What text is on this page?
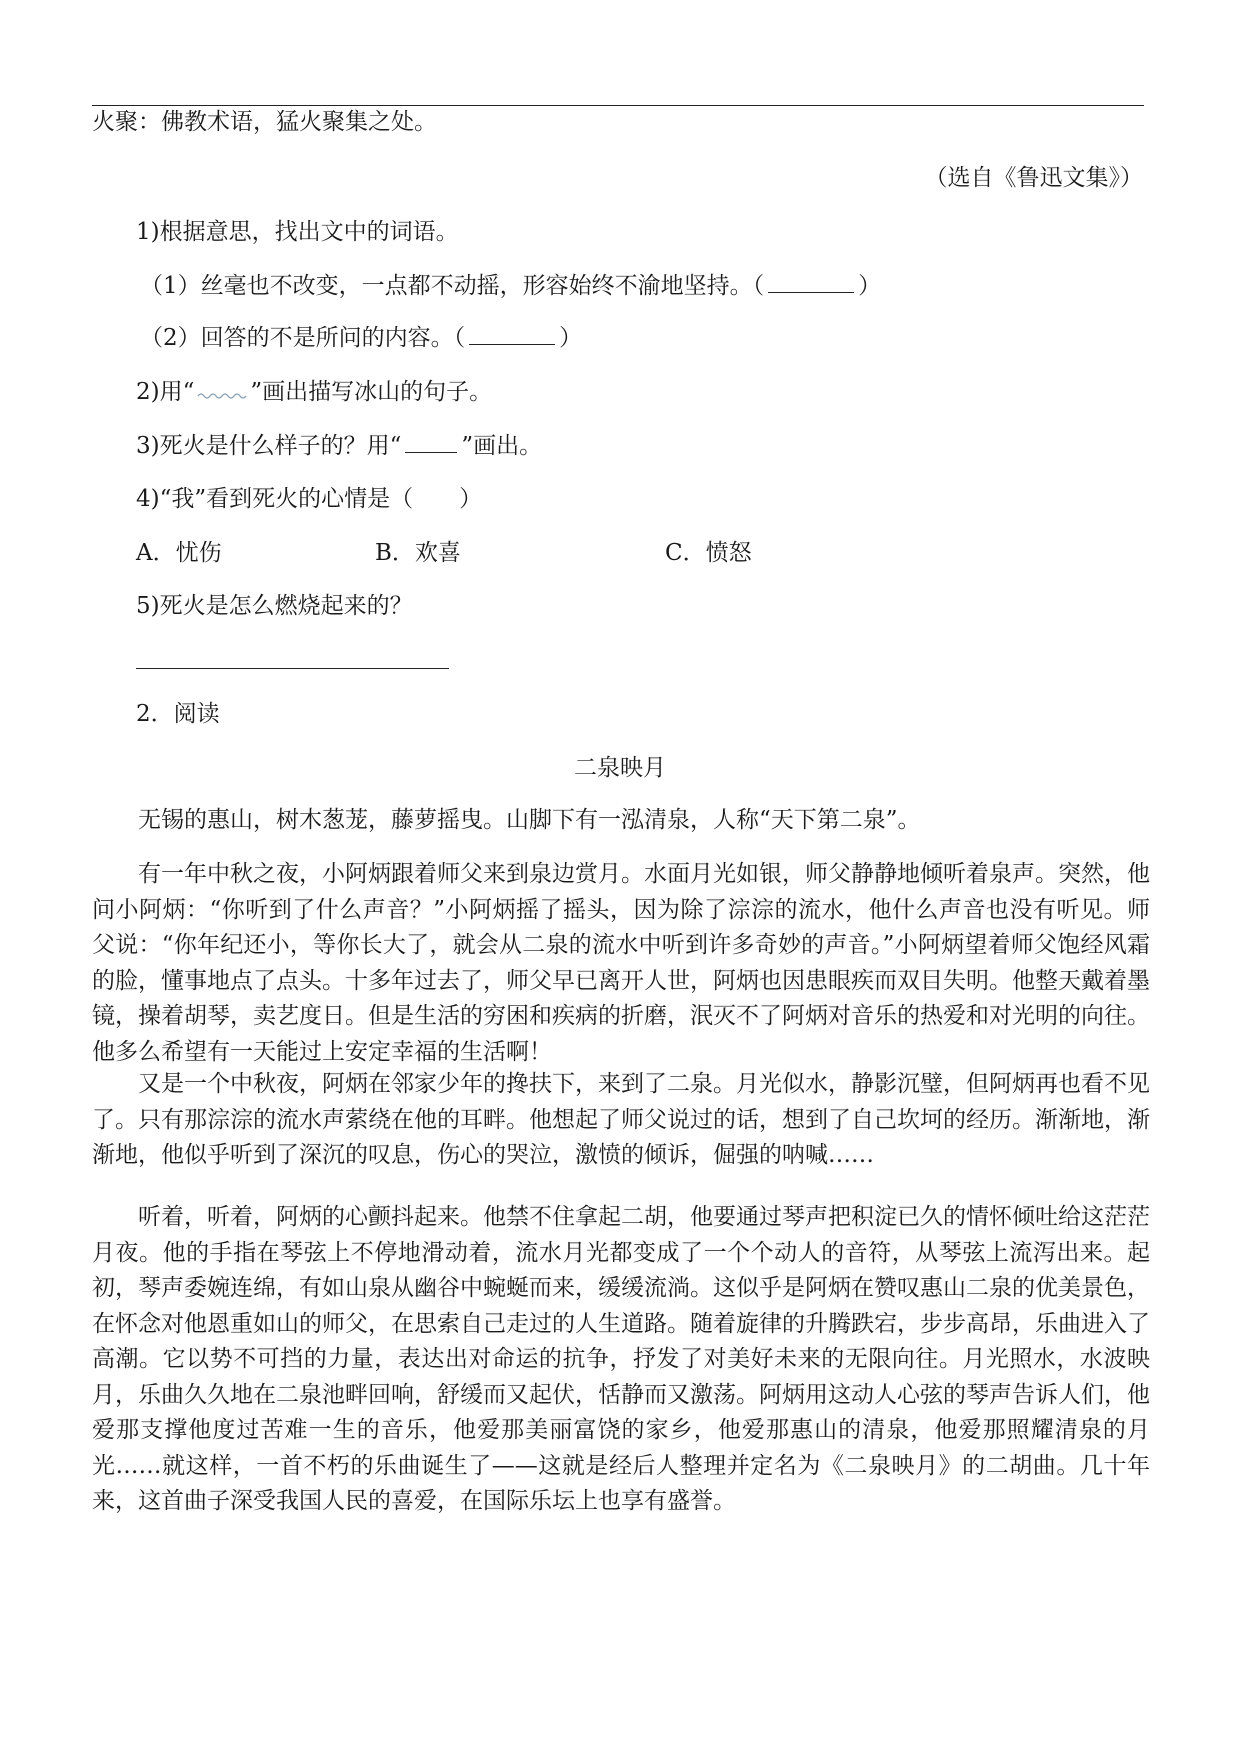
火聚：佛教术语，猛火聚集之处。
（选自《鲁迅文集》）
1)根据意思，找出文中的词语。
（1）丝毫也不改变，一点都不动摇，形容始终不渝地坚持。（	）
（2）回答的不是所问的内容。（	）
2)用“ ”画出描写冰山的句子。
3)死火是什么样子的？用“	”画出。
4)“我”看到死火的心情是（　　）
A．忧伤	B．欢喜	C．愤怒
5)死火是怎么燃烧起来的？
2．阅读
二泉映月

无锡的惠山，树木葱茏，藤萝摇曳。山脚下有一泓清泉，人称“天下第二泉”。

有一年中秋之夜，小阿炳跟着师父来到泉边赏月。水面月光如银，师父静静地倾听着泉声。突然，他问小阿炳：“你听到了什么声音？”小阿炳摇了摇头，因为除了淙淙的流水，他什么声音也没有听见。师父说：“你年纪还小，等你长大了，就会从二泉的流水中听到许多奇妙的声音。”小阿炳望着师父饱经风霜的脸，懂事地点了点头。十多年过去了，师父早已离开人世，阿炳也因患眼疾而双目失明。他整天戴着墨镜，操着胡琴，卖艺度日。但是生活的穷困和疾病的折磨，泯灭不了阿炳对音乐的热爱和对光明的向往。他多么希望有一天能过上安定幸福的生活啊！

又是一个中秋夜，阿炳在邻家少年的搀扶下，来到了二泉。月光似水，静影沉璧，但阿炳再也看不见了。只有那淙淙的流水声萦绕在他的耳畔。他想起了师父说过的话，想到了自己坎坷的经历。渐渐地，渐渐地，他似乎听到了深沉的叹息，伤心的哭泣，激愤的倾诉，倔强的呐喊……

听着，听着，阿炳的心颤抖起来。他禁不住拿起二胡，他要通过琴声把积淀已久的情怀倾吐给这茫茫月夜。他的手指在琴弦上不停地滑动着，流水月光都变成了一个个动人的音符，从琴弦上流泻出来。起初，琴声委婉连绵，有如山泉从幽谷中蜿蜒而来，缓缓流淌。这似乎是阿炳在赞叹惠山二泉的优美景色，在怀念对他恩重如山的师父，在思索自己走过的人生道路。随着旋律的升腾跌宕，步步高昂，乐曲进入了高潮。它以势不可挡的力量，表达出对命运的抗争，抒发了对美好未来的无限向往。月光照水，水波映月，乐曲久久地在二泉池畔回响，舒缓而又起伏，恬静而又激荡。阿炳用这动人心弦的琴声告诉人们，他爱那支撑他度过苦难一生的音乐，他爱那美丽富饶的家乡，他爱那惠山的清泉，他爱那照耀清泉的月光……就这样，一首不朽的乐曲诞生了——这就是经后人整理并定名为《二泉映月》的二胡曲。几十年来，这首曲子深受我国人民的喜爱，在国际乐坛上也享有盛誉。
